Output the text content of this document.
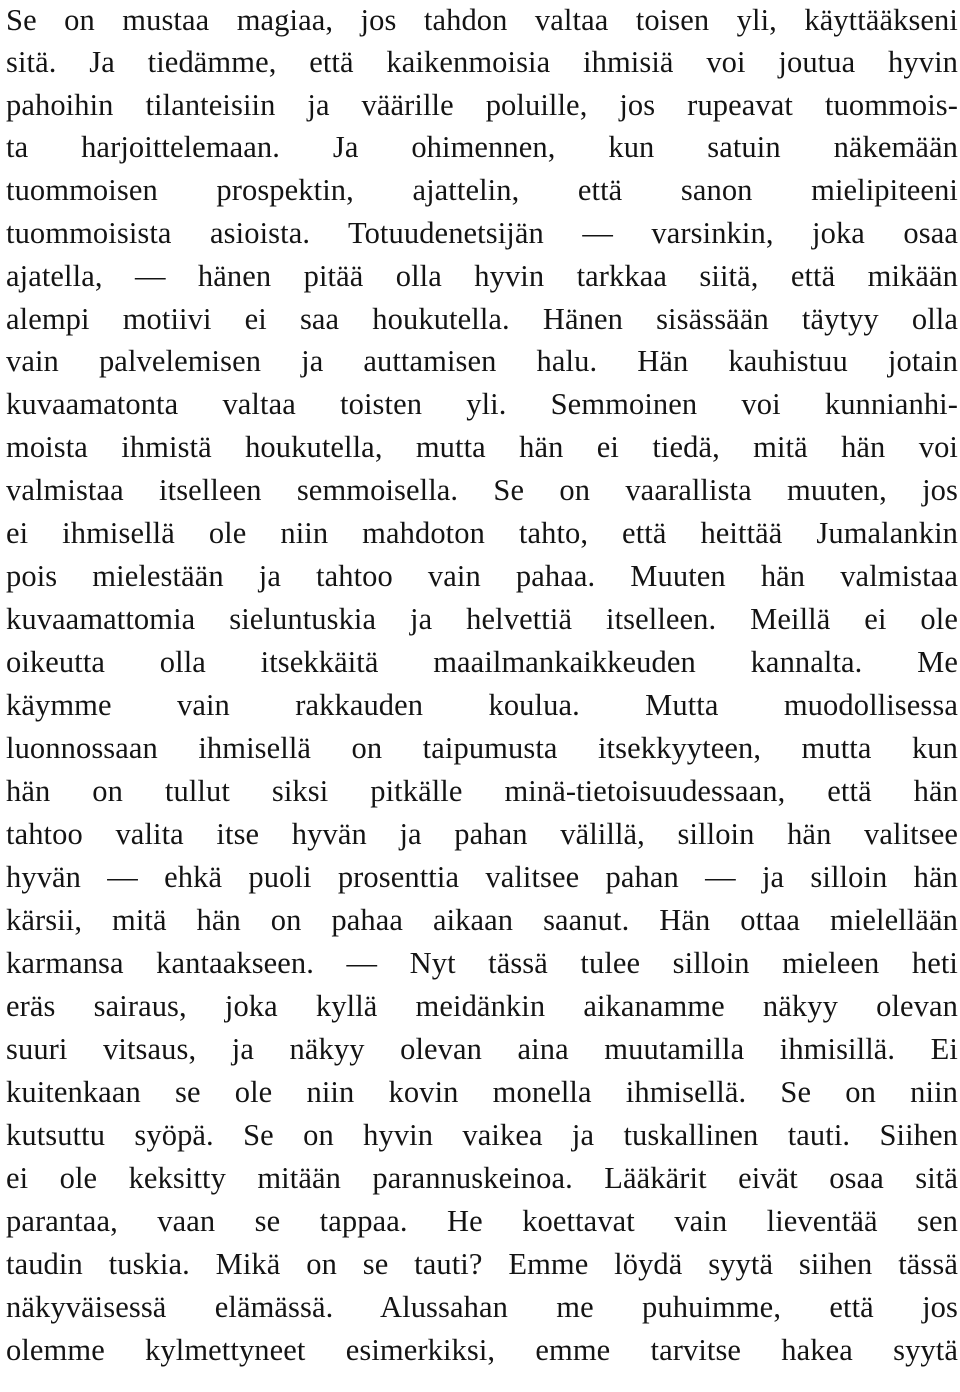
Se on mustaa magiaa, jos tahdon valtaa toisen yli, käyttääkseni

sitä. Ja tiedämme, että kaikenmoisia ihmisiä voi joutua hyvin

pahoihin tilanteisiin ja väärille poluille, jos rupeavat tuommois-

ta harjoittelemaan. Ja ohimennen, kun satuin näkemään

tuommoisen prospektin, ajattelin, että sanon mielipiteeni

tuommoisista asioista. Totuudenetsijän — varsinkin, joka osaa

ajatella, — hänen pitää olla hyvin tarkkaa siitä, että mikään

alempi motiivi ei saa houkutella. Hänen sisässään täytyy olla

vain palvelemisen ja auttamisen halu. Hän kauhistuu jotain

kuvaamatonta valtaa toisten yli. Semmoinen voi kunnianhi-

moista ihmistä houkutella, mutta hän ei tiedä, mitä hän voi

valmistaa itselleen semmoisella. Se on vaarallista muuten, jos

ei ihmisellä ole niin mahdoton tahto, että heittää Jumalankin

pois mielestään ja tahtoo vain pahaa. Muuten hän valmistaa

kuvaamattomia sieluntuskia ja helvettiä itselleen. Meillä ei ole

oikeutta olla itsekkäitä maailmankaikkeuden kannalta. Me

käymme vain rakkauden koulua. Mutta muodollisessa

luonnossaan ihmisellä on taipumusta itsekkyyteen, mutta kun

hän on tullut siksi pitkälle minä-tietoisuudessaan, että hän

tahtoo valita itse hyvän ja pahan välillä, silloin hän valitsee

hyvän — ehkä puoli prosenttia valitsee pahan — ja silloin hän

kärsii, mitä hän on pahaa aikaan saanut. Hän ottaa mielellään

karmansa kantaakseen. — Nyt tässä tulee silloin mieleen heti

eräs sairaus, joka kyllä meidänkin aikanamme näkyy olevan

suuri vitsaus, ja näkyy olevan aina muutamilla ihmisillä. Ei

kuitenkaan se ole niin kovin monella ihmisellä. Se on niin

kutsuttu syöpä. Se on hyvin vaikea ja tuskallinen tauti. Siihen

ei ole keksitty mitään parannuskeinoa. Lääkärit eivät osaa sitä

parantaa, vaan se tappaa. He koettavat vain lieventää sen

taudin tuskia. Mikä on se tauti? Emme löydä syytä siihen tässä

näkyväisessä elämässä. Alussahan me puhuimme, että jos

olemme kylmettyneet esimerkiksi, emme tarvitse hakea syytä
